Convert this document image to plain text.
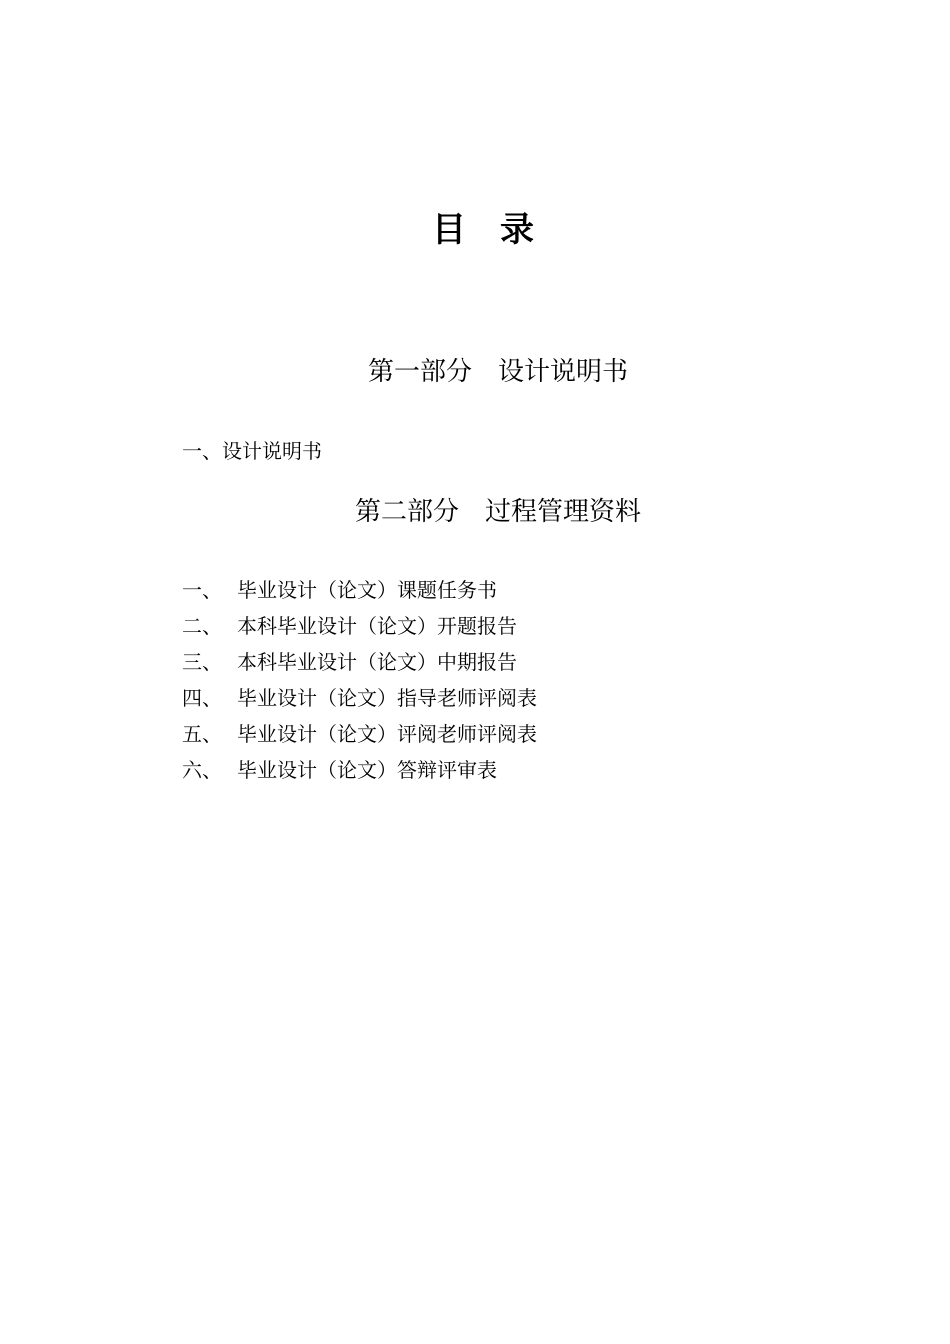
目录
第一部分 设计说明书
一、设计说明书
第二部分 过程管理资料
一、 毕业设计（论文）课题任务书
二、 本科毕业设计（论文）开题报告
三、 本科毕业设计（论文）中期报告
四、 毕业设计（论文）指导老师评阅表
五、 毕业设计（论文）评阅老师评阅表
六、 毕业设计（论文）答辩评审表
